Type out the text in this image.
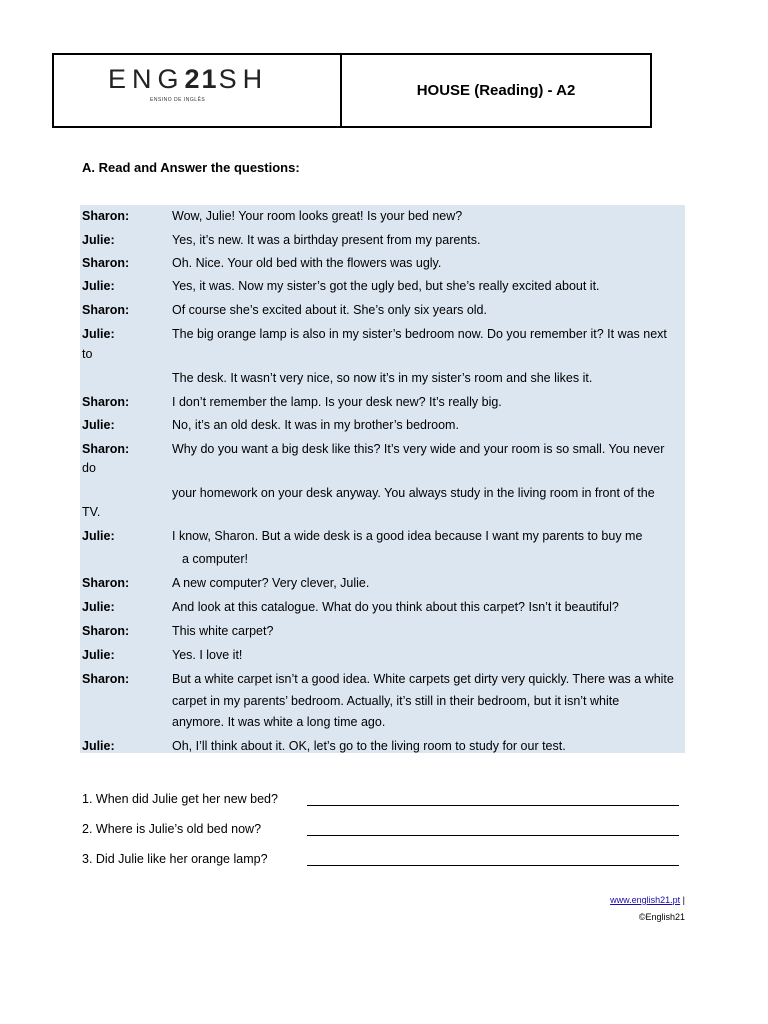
ENG21SH
ENSINO DE INGLÊS
HOUSE (Reading) - A2
A. Read and Answer the questions:
Sharon:	Wow, Julie! Your room looks great! Is your bed new?
Julie:	Yes, it’s new. It was a birthday present from my parents.
Sharon:	Oh. Nice. Your old bed with the flowers was ugly.
Julie:	Yes, it was. Now my sister’s got the ugly bed, but she’s really excited about it.
Sharon:	Of course she’s excited about it. She’s only six years old.
Julie:	The big orange lamp is also in my sister’s bedroom now. Do you remember it? It was next
to
The desk. It wasn’t very nice, so now it’s in my sister’s room and she likes it.
Sharon:	I don’t remember the lamp. Is your desk new? It’s really big.
Julie:	No, it’s an old desk. It was in my brother’s bedroom.
Sharon:	Why do you want a big desk like this? It’s very wide and your room is so small. You never
do
your homework on your desk anyway. You always study in the living room in front of the
TV.
Julie:	I know, Sharon. But a wide desk is a good idea because I want my parents to buy me
a computer!
Sharon:	A new computer? Very clever, Julie.
Julie:	And look at this catalogue. What do you think about this carpet? Isn’t it beautiful?
Sharon:	This white carpet?
Julie:	Yes. I love it!
Sharon:	But a white carpet isn’t a good idea. White carpets get dirty very quickly. There was a white
carpet in my parents’ bedroom. Actually, it’s still in their bedroom, but it isn’t white
anymore. It was white a long time ago.
Julie:	Oh, I’ll think about it. OK, let’s go to the living room to study for our test.
1. When did Julie get her new bed?
2. Where is Julie’s old bed now?
3. Did Julie like her orange lamp?
www.english21.pt |
©English21
